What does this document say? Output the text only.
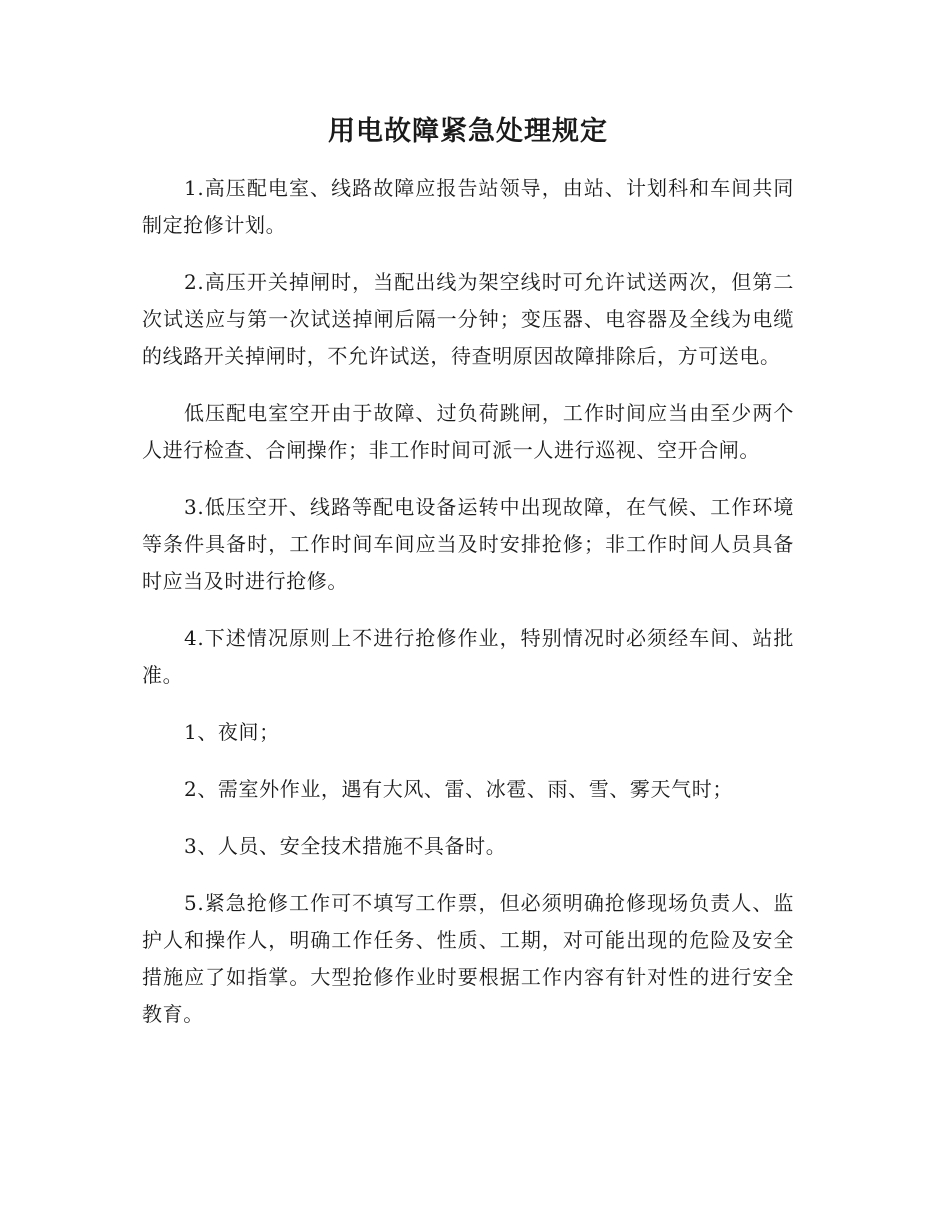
用电故障紧急处理规定

1.高压配电室、线路故障应报告站领导，由站、计划科和车间共同制定抢修计划。

2.高压开关掉闸时，当配出线为架空线时可允许试送两次，但第二次试送应与第一次试送掉闸后隔一分钟；变压器、电容器及全线为电缆的线路开关掉闸时，不允许试送，待查明原因故障排除后，方可送电。

低压配电室空开由于故障、过负荷跳闸，工作时间应当由至少两个人进行检查、合闸操作；非工作时间可派一人进行巡视、空开合闸。

3.低压空开、线路等配电设备运转中出现故障，在气候、工作环境等条件具备时，工作时间车间应当及时安排抢修；非工作时间人员具备时应当及时进行抢修。

4.下述情况原则上不进行抢修作业，特别情况时必须经车间、站批准。

1、夜间；

2、需室外作业，遇有大风、雷、冰雹、雨、雪、雾天气时；

3、人员、安全技术措施不具备时。

5.紧急抢修工作可不填写工作票，但必须明确抢修现场负责人、监护人和操作人，明确工作任务、性质、工期，对可能出现的危险及安全措施应了如指掌。大型抢修作业时要根据工作内容有针对性的进行安全教育。
